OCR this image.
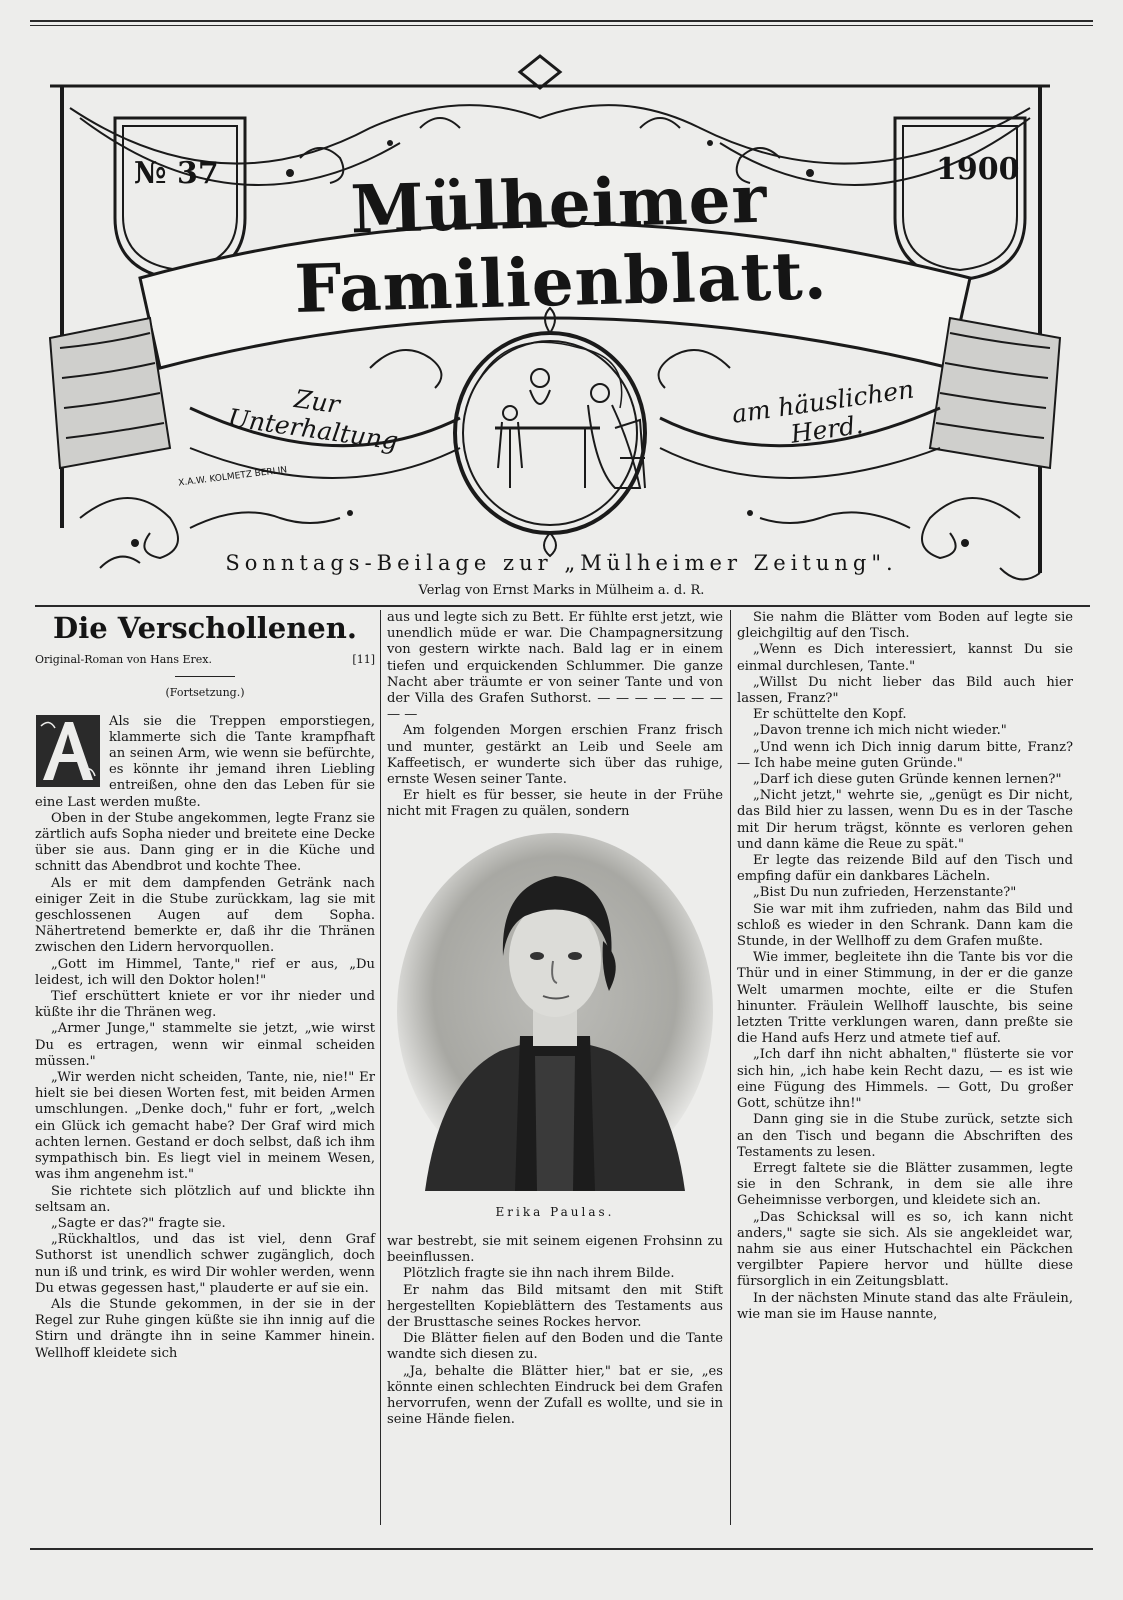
№ 37	1900
Mülheimer Familienblatt.
Zur Unterhaltung
am häuslichen Herd.
X.A.W. KOLMETZ BERLIN
Sonntags-Beilage zur „Mülheimer Zeitung".
Verlag von Ernst Marks in Mülheim a. d. R.
Die Verschollenen.
Original-Roman von Hans Erex.	[11]
(Fortsetzung.)

Als sie die Treppen emporstiegen, klammerte sich die Tante krampfhaft an seinen Arm, wie wenn sie befürchte, es könnte ihr jemand ihren Liebling entreißen, ohne den das Leben für sie eine Last werden mußte.

Oben in der Stube angekommen, legte Franz sie zärtlich aufs Sopha nieder und breitete eine Decke über sie aus. Dann ging er in die Küche und schnitt das Abendbrot und kochte Thee.

Als er mit dem dampfenden Getränk nach einiger Zeit in die Stube zurückkam, lag sie mit geschlossenen Augen auf dem Sopha. Nähertretend bemerkte er, daß ihr die Thränen zwischen den Lidern hervorquollen.

„Gott im Himmel, Tante," rief er aus, „Du leidest, ich will den Doktor holen!"

Tief erschüttert kniete er vor ihr nieder und küßte ihr die Thränen weg.

„Armer Junge," stammelte sie jetzt, „wie wirst Du es ertragen, wenn wir einmal scheiden müssen."

„Wir werden nicht scheiden, Tante, nie, nie!" Er hielt sie bei diesen Worten fest, mit beiden Armen umschlungen. „Denke doch," fuhr er fort, „welch ein Glück ich gemacht habe? Der Graf wird mich achten lernen. Gestand er doch selbst, daß ich ihm sympathisch bin. Es liegt viel in meinem Wesen, was ihm angenehm ist."

Sie richtete sich plötzlich auf und blickte ihn seltsam an.

„Sagte er das?" fragte sie.

„Rückhaltlos, und das ist viel, denn Graf Suthorst ist unendlich schwer zugänglich, doch nun iß und trink, es wird Dir wohler werden, wenn Du etwas gegessen hast," plauderte er auf sie ein.

Als die Stunde gekommen, in der sie in der Regel zur Ruhe gingen küßte sie ihn innig auf die Stirn und drängte ihn in seine Kammer hinein. Wellhoff kleidete sich

aus und legte sich zu Bett. Er fühlte erst jetzt, wie unendlich müde er war. Die Champagnersitzung von gestern wirkte nach. Bald lag er in einem tiefen und erquickenden Schlummer. Die ganze Nacht aber träumte er von seiner Tante und von der Villa des Grafen Suthorst. — — — — — — — — —

Am folgenden Morgen erschien Franz frisch und munter, gestärkt an Leib und Seele am Kaffeetisch, er wunderte sich über das ruhige, ernste Wesen seiner Tante.

Er hielt es für besser, sie heute in der Frühe nicht mit Fragen zu quälen, sondern

Erika Paulas.

war bestrebt, sie mit seinem eigenen Frohsinn zu beeinflussen.

Plötzlich fragte sie ihn nach ihrem Bilde.

Er nahm das Bild mitsamt den mit Stift hergestellten Kopieblättern des Testaments aus der Brusttasche seines Rockes hervor.

Die Blätter fielen auf den Boden und die Tante wandte sich diesen zu.

„Ja, behalte die Blätter hier," bat er sie, „es könnte einen schlechten Eindruck bei dem Grafen hervorrufen, wenn der Zufall es wollte, und sie in seine Hände fielen.

Sie nahm die Blätter vom Boden auf legte sie gleichgiltig auf den Tisch.

„Wenn es Dich interessiert, kannst Du sie einmal durchlesen, Tante."

„Willst Du nicht lieber das Bild auch hier lassen, Franz?"

Er schüttelte den Kopf.

„Davon trenne ich mich nicht wieder."

„Und wenn ich Dich innig darum bitte, Franz? — Ich habe meine guten Gründe."

„Darf ich diese guten Gründe kennen lernen?"

„Nicht jetzt," wehrte sie, „genügt es Dir nicht, das Bild hier zu lassen, wenn Du es in der Tasche mit Dir herum trägst, könnte es verloren gehen und dann käme die Reue zu spät."

Er legte das reizende Bild auf den Tisch und empfing dafür ein dankbares Lächeln.

„Bist Du nun zufrieden, Herzenstante?"

Sie war mit ihm zufrieden, nahm das Bild und schloß es wieder in den Schrank. Dann kam die Stunde, in der Wellhoff zu dem Grafen mußte.

Wie immer, begleitete ihn die Tante bis vor die Thür und in einer Stimmung, in der er die ganze Welt umarmen mochte, eilte er die Stufen hinunter. Fräulein Wellhoff lauschte, bis seine letzten Tritte verklungen waren, dann preßte sie die Hand aufs Herz und atmete tief auf.

„Ich darf ihn nicht abhalten," flüsterte sie vor sich hin, „ich habe kein Recht dazu, — es ist wie eine Fügung des Himmels. — Gott, Du großer Gott, schütze ihn!"

Dann ging sie in die Stube zurück, setzte sich an den Tisch und begann die Abschriften des Testaments zu lesen.

Erregt faltete sie die Blätter zusammen, legte sie in den Schrank, in dem sie alle ihre Geheimnisse verborgen, und kleidete sich an.

„Das Schicksal will es so, ich kann nicht anders," sagte sie sich. Als sie angekleidet war, nahm sie aus einer Hutschachtel ein Päckchen vergilbter Papiere hervor und hüllte diese fürsorglich in ein Zeitungsblatt.

In der nächsten Minute stand das alte Fräulein, wie man sie im Hause nannte,
